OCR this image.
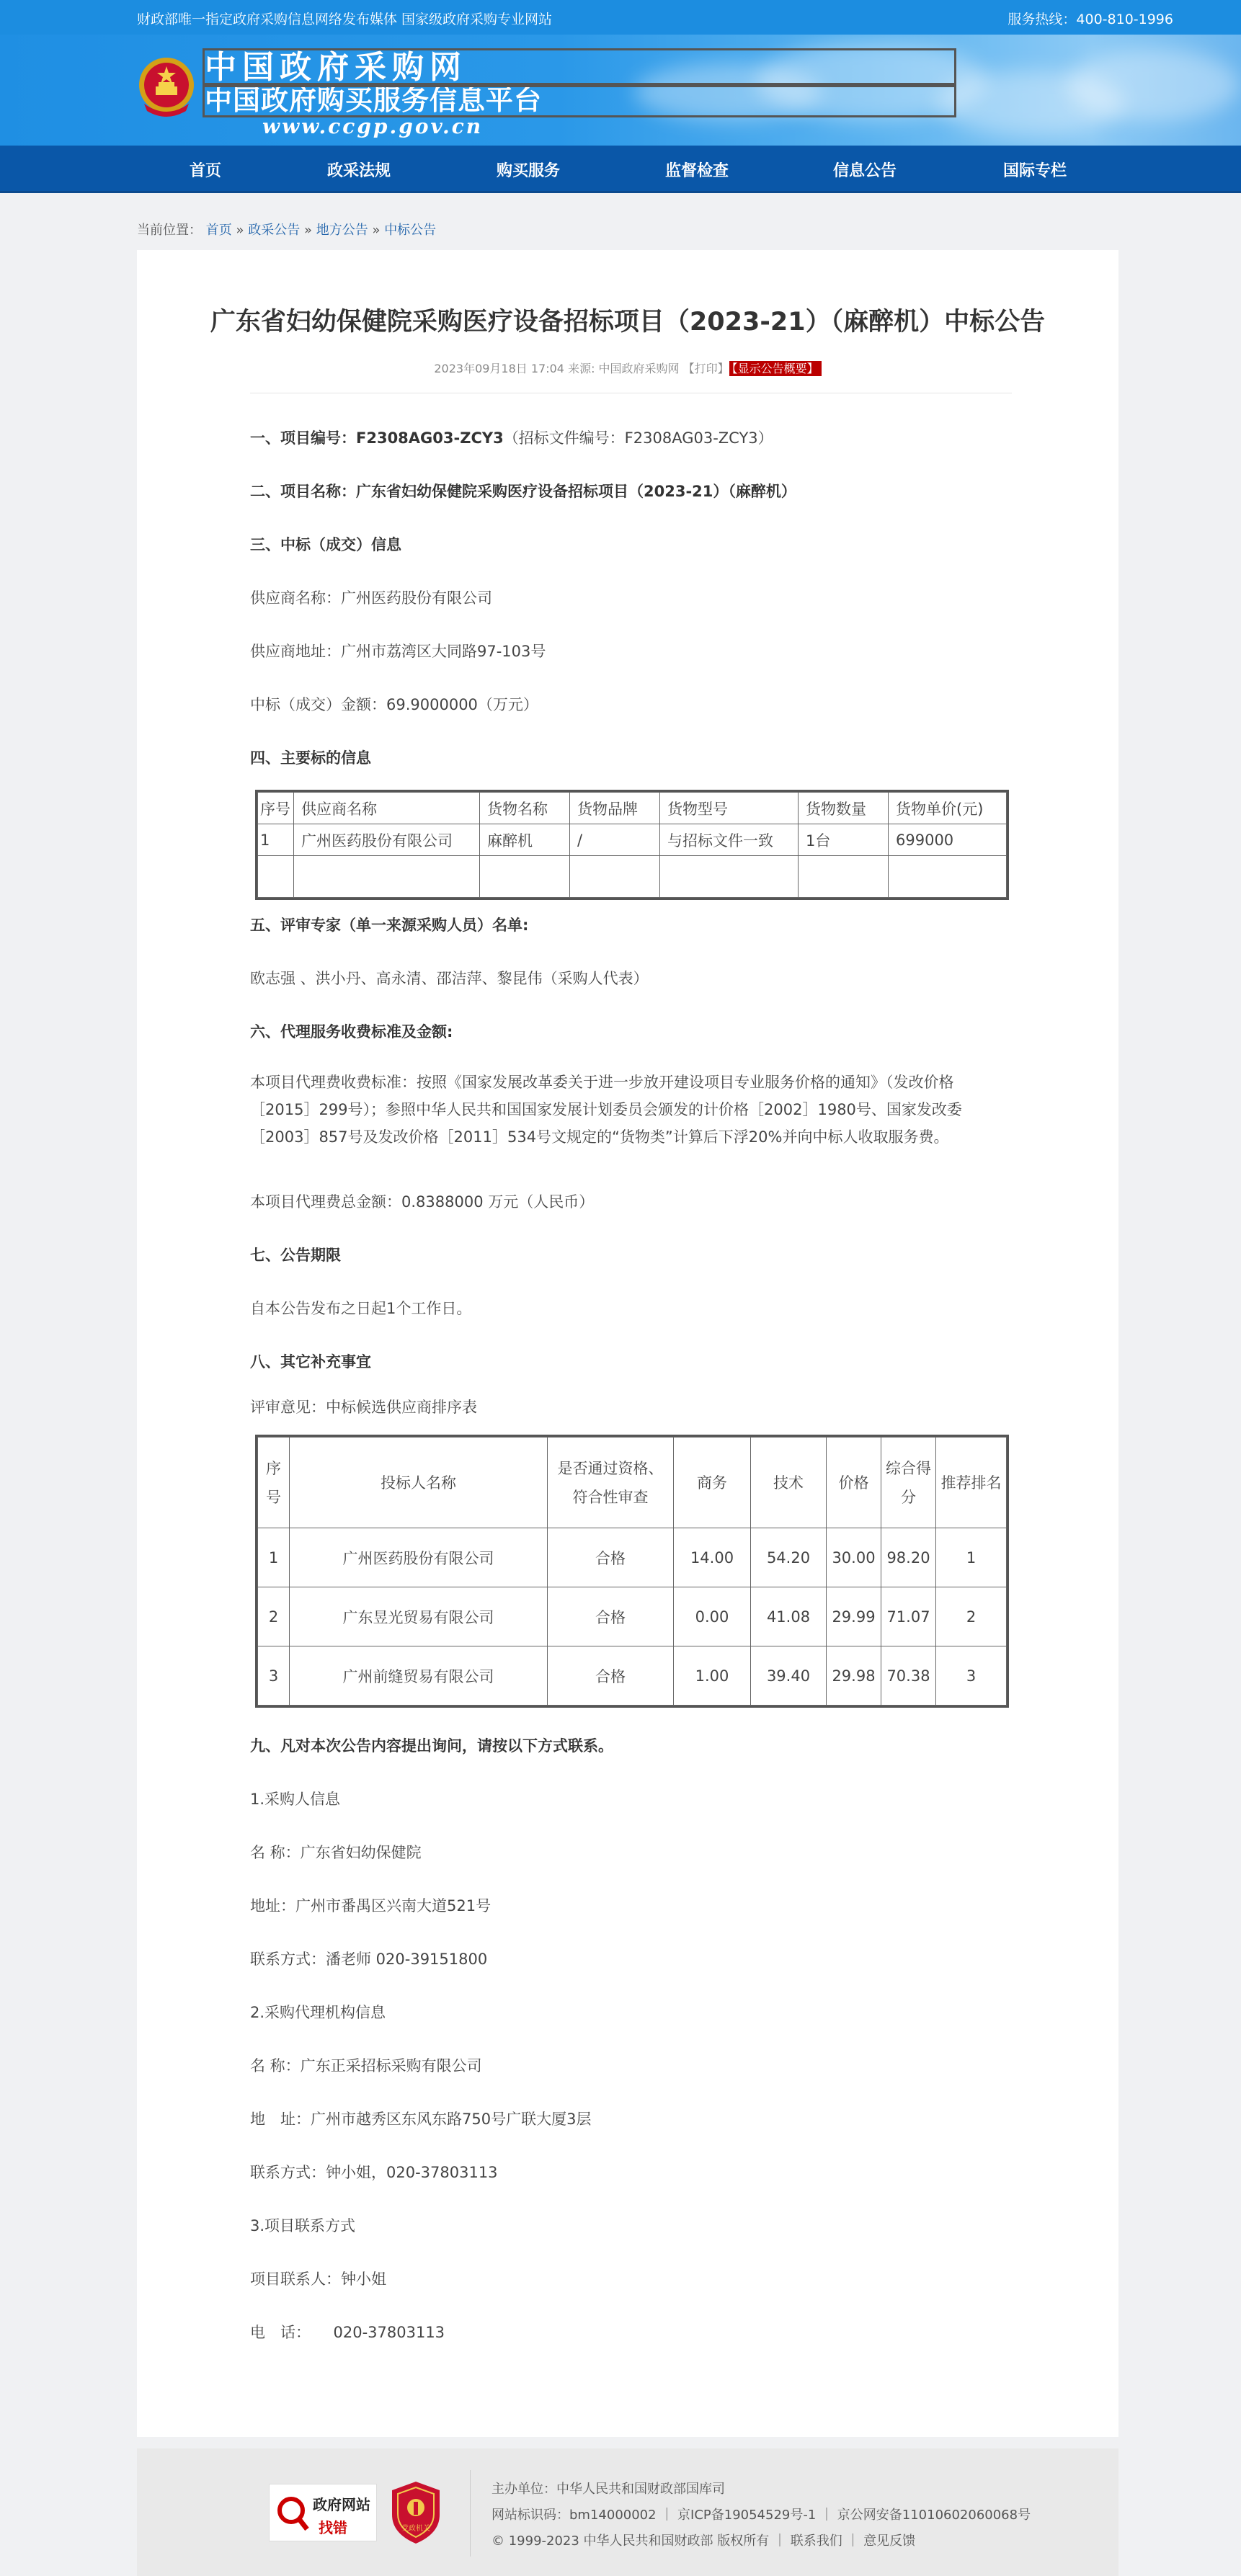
财政部唯一指定政府采购信息网络发布媒体 国家级政府采购专业网站	服务热线：400-810-1996
中国政府采购网
中国政府购买服务信息平台
www.ccgp.gov.cn
首页	政采法规	购买服务	监督检查	信息公告	国际专栏
当前位置： 首页 » 政采公告 » 地方公告 » 中标公告
广东省妇幼保健院采购医疗设备招标项目（2023-21）（麻醉机）中标公告
2023年09月18日 17:04 来源: 中国政府采购网 【打印】 【显示公告概要】
一、项目编号：F2308AG03-ZCY3（招标文件编号：F2308AG03-ZCY3）
二、项目名称：广东省妇幼保健院采购医疗设备招标项目（2023-21）（麻醉机）
三、中标（成交）信息
供应商名称：广州医药股份有限公司
供应商地址：广州市荔湾区大同路97-103号
中标（成交）金额：69.9000000（万元）
四、主要标的信息
序号	供应商名称	货物名称	货物品牌	货物型号	货物数量	货物单价(元)
1	广州医药股份有限公司	麻醉机	/	与招标文件一致	1台	699000

五、评审专家（单一来源采购人员）名单:
欧志强 、洪小丹、高永清、邵洁萍、黎昆伟（采购人代表）
六、代理服务收费标准及金额:
本项目代理费收费标准：按照《国家发展改革委关于进一步放开建设项目专业服务价格的通知》（发改价格［2015］299号）；参照中华人民共和国国家发展计划委员会颁发的计价格［2002］1980号、国家发改委［2003］857号及发改价格［2011］534号文规定的“货物类”计算后下浮20%并向中标人收取服务费。
本项目代理费总金额：0.8388000 万元（人民币）
七、公告期限
自本公告发布之日起1个工作日。
八、其它补充事宜
评审意见：中标候选供应商排序表
序号	投标人名称	是否通过资格、符合性审查	商务	技术	价格	综合得分	推荐排名
1	广州医药股份有限公司	合格	14.00	54.20	30.00	98.20	1
2	广东昱光贸易有限公司	合格	0.00	41.08	29.99	71.07	2
3	广州前缝贸易有限公司	合格	1.00	39.40	29.98	70.38	3
九、凡对本次公告内容提出询问，请按以下方式联系。
1.采购人信息
名 称：广东省妇幼保健院
地址：广州市番禺区兴南大道521号
联系方式：潘老师 020-39151800
2.采购代理机构信息
名 称：广东正采招标采购有限公司
地　址：广州市越秀区东风东路750号广联大厦3层
联系方式：钟小姐，020-37803113
3.项目联系方式
项目联系人：钟小姐
电　话：　　020-37803113
政府网站
找错	党政机关
主办单位：中华人民共和国财政部国库司
网站标识码：bm14000002 ｜ 京ICP备19054529号-1 ｜ 京公网安备11010602060068号
© 1999-2023 中华人民共和国财政部 版权所有 ｜ 联系我们 ｜ 意见反馈
